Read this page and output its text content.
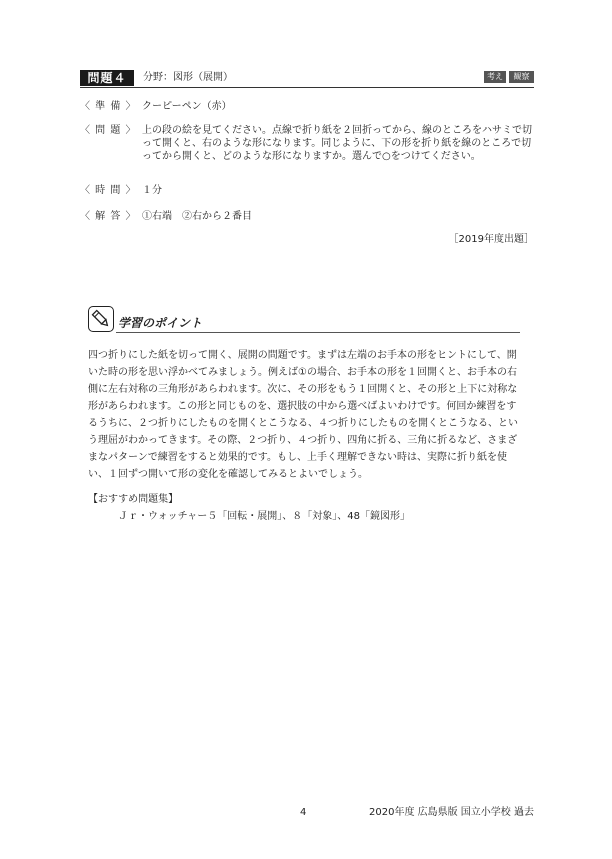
問題４	分野：図形（展開）	考え	観察
〈 準 備 〉 クーピーペン（赤）
〈 問 題 〉 上の段の絵を見てください。点線で折り紙を２回折ってから、線のところをハサミで切って開くと、右のような形になります。同じように、下の形を折り紙を線のところで切ってから開くと、どのような形になりますか。選んで○をつけてください。
〈 時 間 〉 １分
〈 解 答 〉 ①右端　②右から２番目
［2019年度出題］
学習のポイント

四つ折りにした紙を切って開く、展開の問題です。まずは左端のお手本の形をヒントにして、開いた時の形を思い浮かべてみましょう。例えば①の場合、お手本の形を１回開くと、お手本の右側に左右対称の三角形があらわれます。次に、その形をもう１回開くと、その形と上下に対称な形があらわれます。この形と同じものを、選択肢の中から選べばよいわけです。何回か練習をするうちに、２つ折りにしたものを開くとこうなる、４つ折りにしたものを開くとこうなる、という理屈がわかってきます。その際、２つ折り、４つ折り、四角に折る、三角に折るなど、さまざまなパターンで練習をすると効果的です。もし、上手く理解できない時は、実際に折り紙を使い、１回ずつ開いて形の変化を確認してみるとよいでしょう。

【おすすめ問題集】
Ｊｒ・ウォッチャー５「回転・展開」、８「対象」、48「鏡図形」
4	2020年度 広島県版 国立小学校 過去
